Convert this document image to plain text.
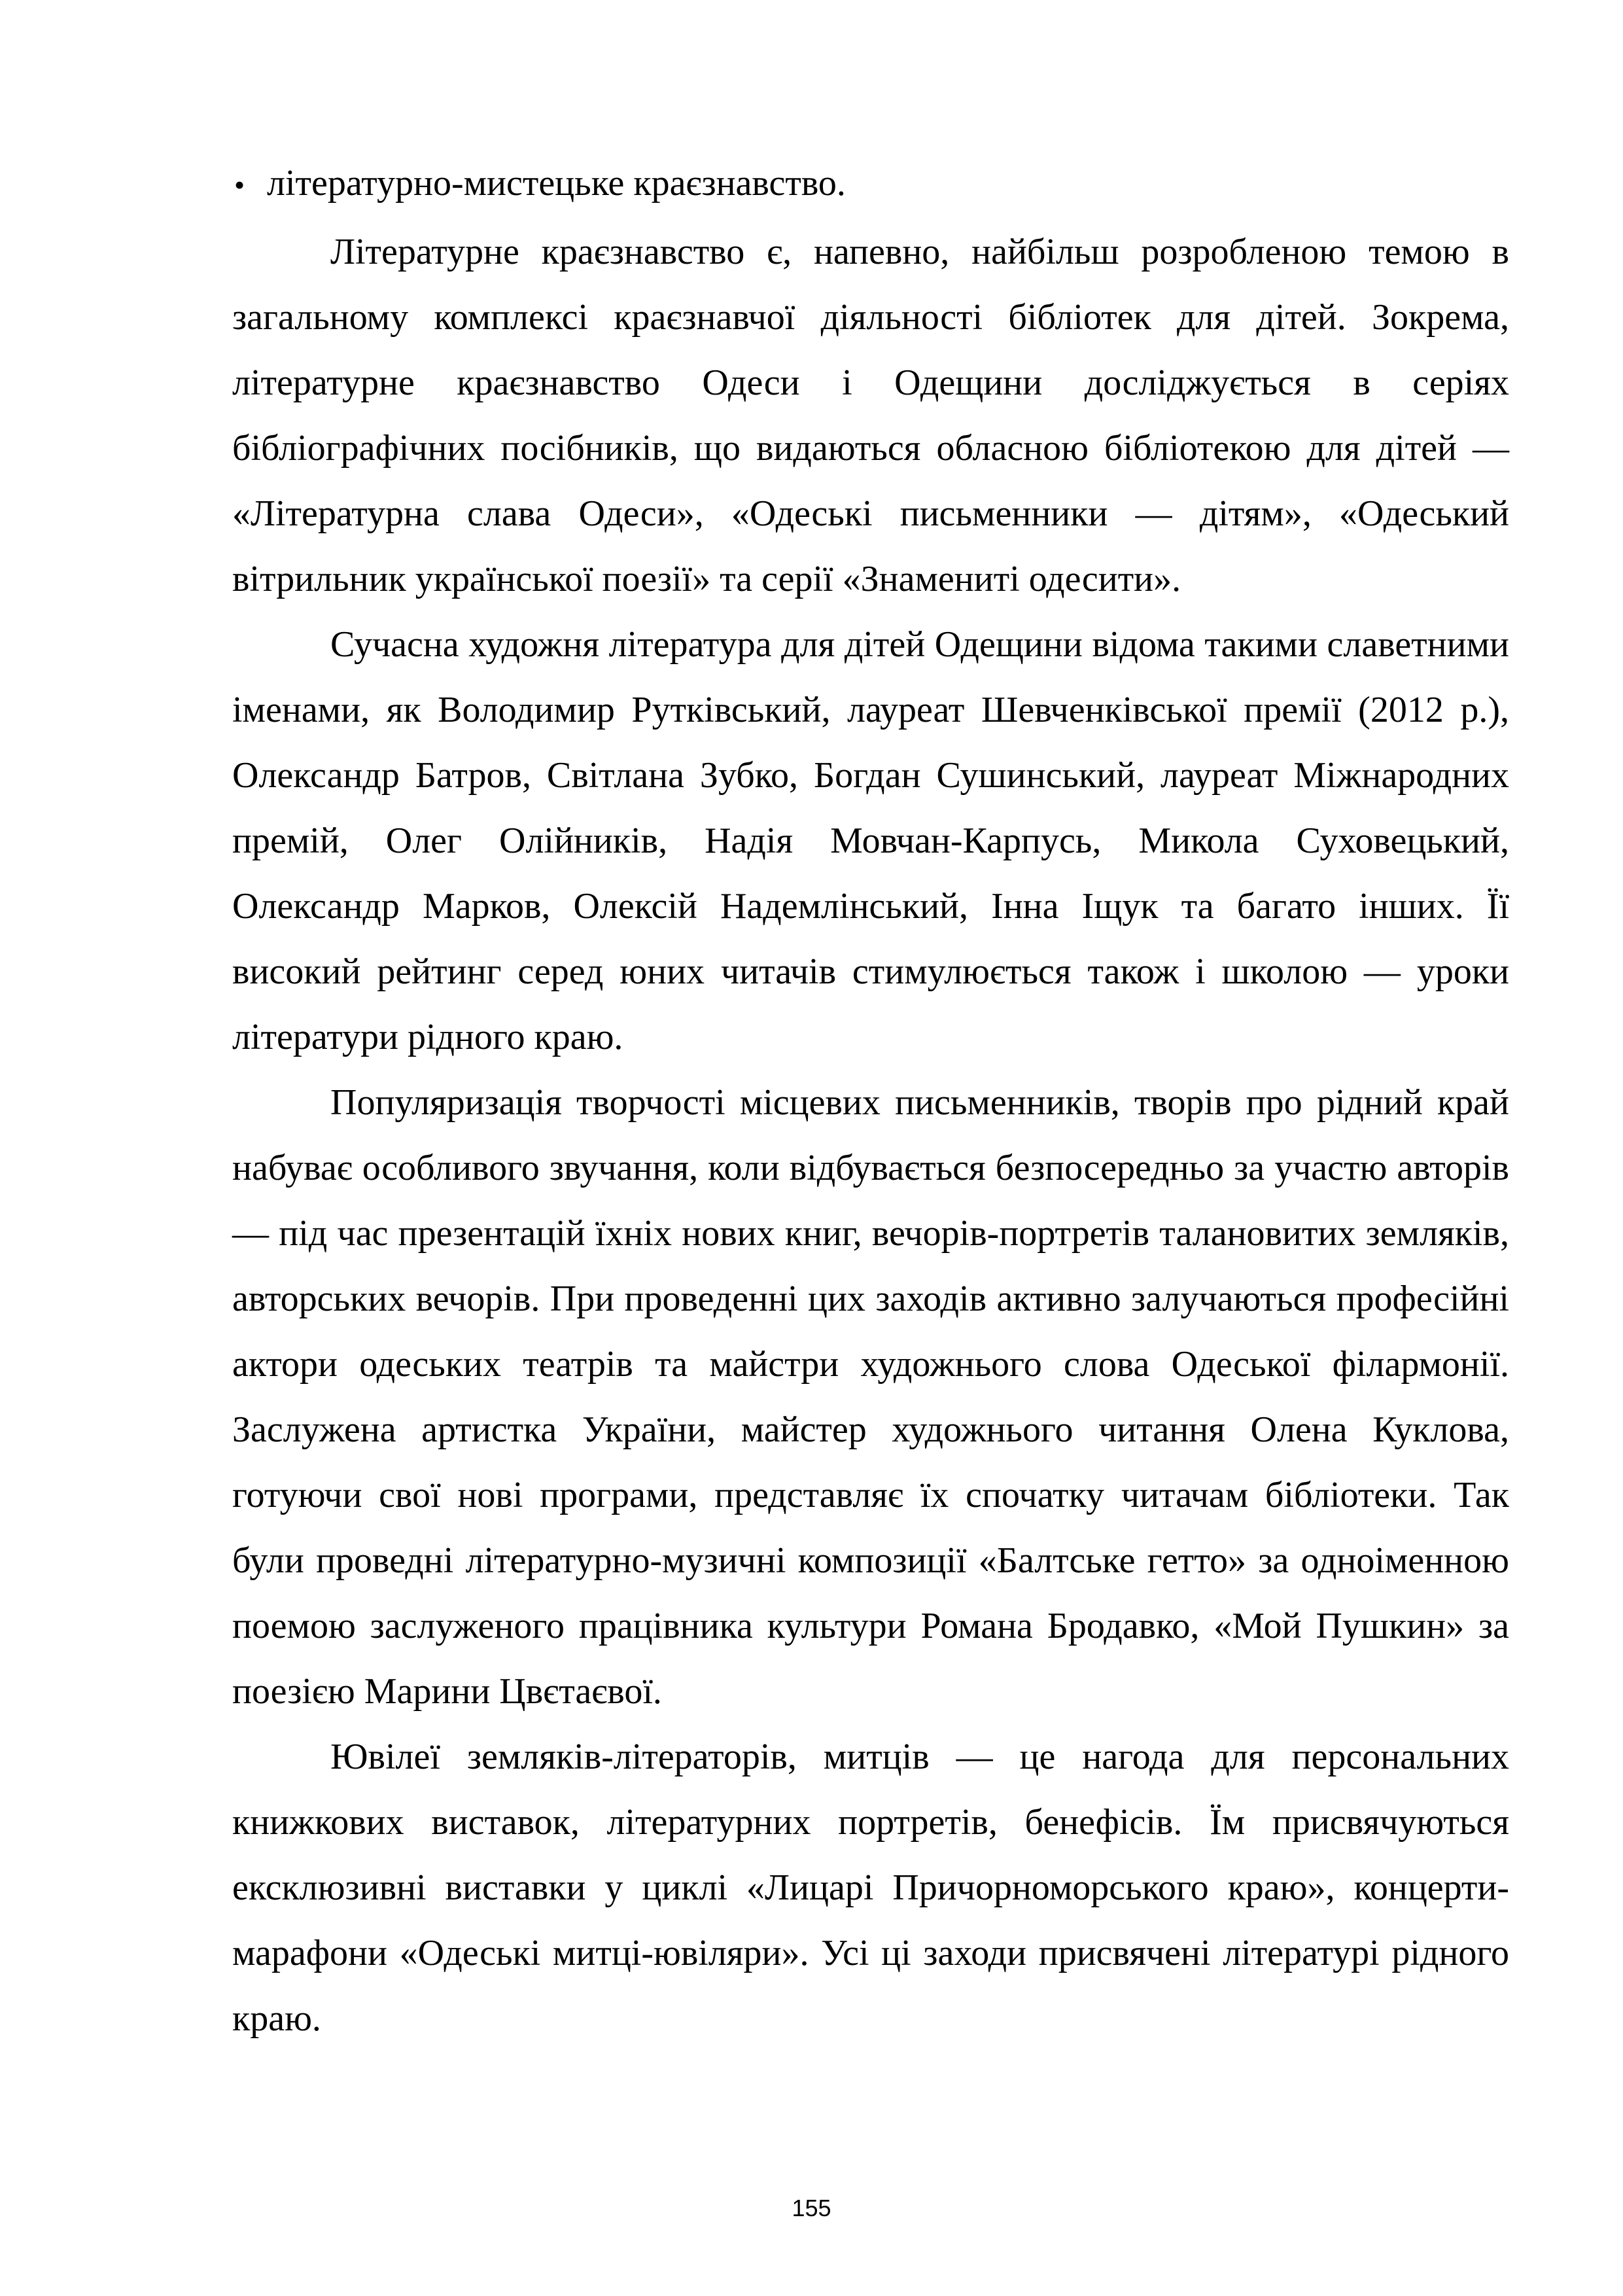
• літературно-мистецьке краєзнавство.

Літературне краєзнавство є, напевно, найбільш розробленою темою в загальному комплексі краєзнавчої діяльності бібліотек для дітей. Зокрема, літературне краєзнавство Одеси і Одещини досліджується в серіях бібліографічних посібників, що видаються обласною бібліотекою для дітей — «Літературна слава Одеси», «Одеські письменники — дітям», «Одеський вітрильник української поезії» та серії «Знамениті одесити».

Сучасна художня література для дітей Одещини відома такими славетними іменами, як Володимир Рутківський, лауреат Шевченківської премії (2012 р.), Олександр Батров, Світлана Зубко, Богдан Сушинський, лауреат Міжнародних премій, Олег Олійників, Надія Мовчан-Карпусь, Микола Суховецький, Олександр Марков, Олексій Надемлінський, Інна Іщук та багато інших. Її високий рейтинг серед юних читачів стимулюється також і школою — уроки літератури рідного краю.

Популяризація творчості місцевих письменників, творів про рідний край набуває особливого звучання, коли відбувається безпосередньо за участю авторів — під час презентацій їхніх нових книг, вечорів-портретів талановитих земляків, авторських вечорів. При проведенні цих заходів активно залучаються професійні актори одеських театрів та майстри художнього слова Одеської філармонії. Заслужена артистка України, майстер художнього читання Олена Куклова, готуючи свої нові програми, представляє їх спочатку читачам бібліотеки. Так були проведні літературно-музичні композиції «Балтське гетто» за одноіменною поемою заслуженого працівника культури Романа Бродавко, «Мой Пушкин» за поезією Марини Цвєтаєвої.

Ювілеї земляків-літераторів, митців — це нагода для персональних книжкових виставок, літературних портретів, бенефісів. Їм присвячуються ексклюзивні виставки у циклі «Лицарі Причорноморського краю», концерти-марафони «Одеські митці-ювіляри». Усі ці заходи присвячені літературі рідного краю.

155
